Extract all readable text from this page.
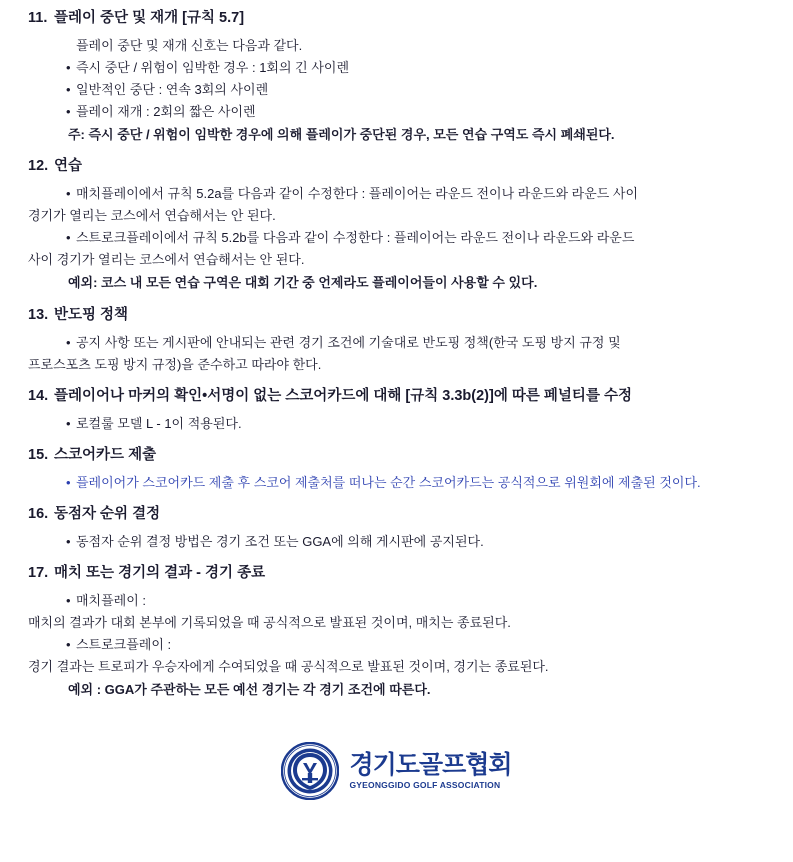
11. 플레이 중단 및 재개 [규칙 5.7]

플레이 중단 및 재개 신호는 다음과 같다.

• 즉시 중단 / 위험이 임박한 경우 : 1회의 긴 사이렌
• 일반적인 중단 : 연속 3회의 사이렌
• 플레이 재개 : 2회의 짧은 사이렌

주: 즉시 중단 / 위험이 임박한 경우에 의해 플레이가 중단된 경우, 모든 연습 구역도 즉시 폐쇄된다.

12. 연습
• 매치플레이에서 규칙 5.2a를 다음과 같이 수정한다 : 플레이어는 라운드 전이나 라운드와 라운드 사이
경기가 열리는 코스에서 연습해서는 안 된다.
• 스트로크플레이에서 규칙 5.2b를 다음과 같이 수정한다 : 플레이어는 라운드 전이나 라운드와 라운드
사이 경기가 열리는 코스에서 연습해서는 안 된다.

예외: 코스 내 모든 연습 구역은 대회 기간 중 언제라도 플레이어들이 사용할 수 있다.

13. 반도핑 정책
• 공지 사항 또는 게시판에 안내되는 관련 경기 조건에 기술대로 반도핑 정책(한국 도핑 방지 규정 및
프로스포츠 도핑 방지 규정)을 준수하고 따라야 한다.
14. 플레이어나 마커의 확인•서명이 없는 스코어카드에 대해 [규칙 3.3b(2)]에 따른 페널티를 수정
• 로컬룰 모델 L - 1이 적용된다.
15. 스코어카드 제출
• 플레이어가 스코어카드 제출 후 스코어 제출처를 떠나는 순간 스코어카드는 공식적으로 위원회에 제출된 것이다.
16. 동점자 순위 결정
• 동점자 순위 결정 방법은 경기 조건 또는 GGA에 의해 게시판에 공지된다.
17. 매치 또는 경기의 결과 - 경기 종료
• 매치플레이 :
매치의 결과가 대회 본부에 기록되었을 때 공식적으로 발표된 것이며, 매치는 종료된다.
• 스트로크플레이 :
경기 결과는 트로피가 우승자에게 수여되었을 때 공식적으로 발표된 것이며, 경기는 종료된다.

예외 : GGA가 주관하는 모든 예선 경기는 각 경기 조건에 따른다.

경기도골프협회
GYEONGGIDO GOLF ASSOCIATION
